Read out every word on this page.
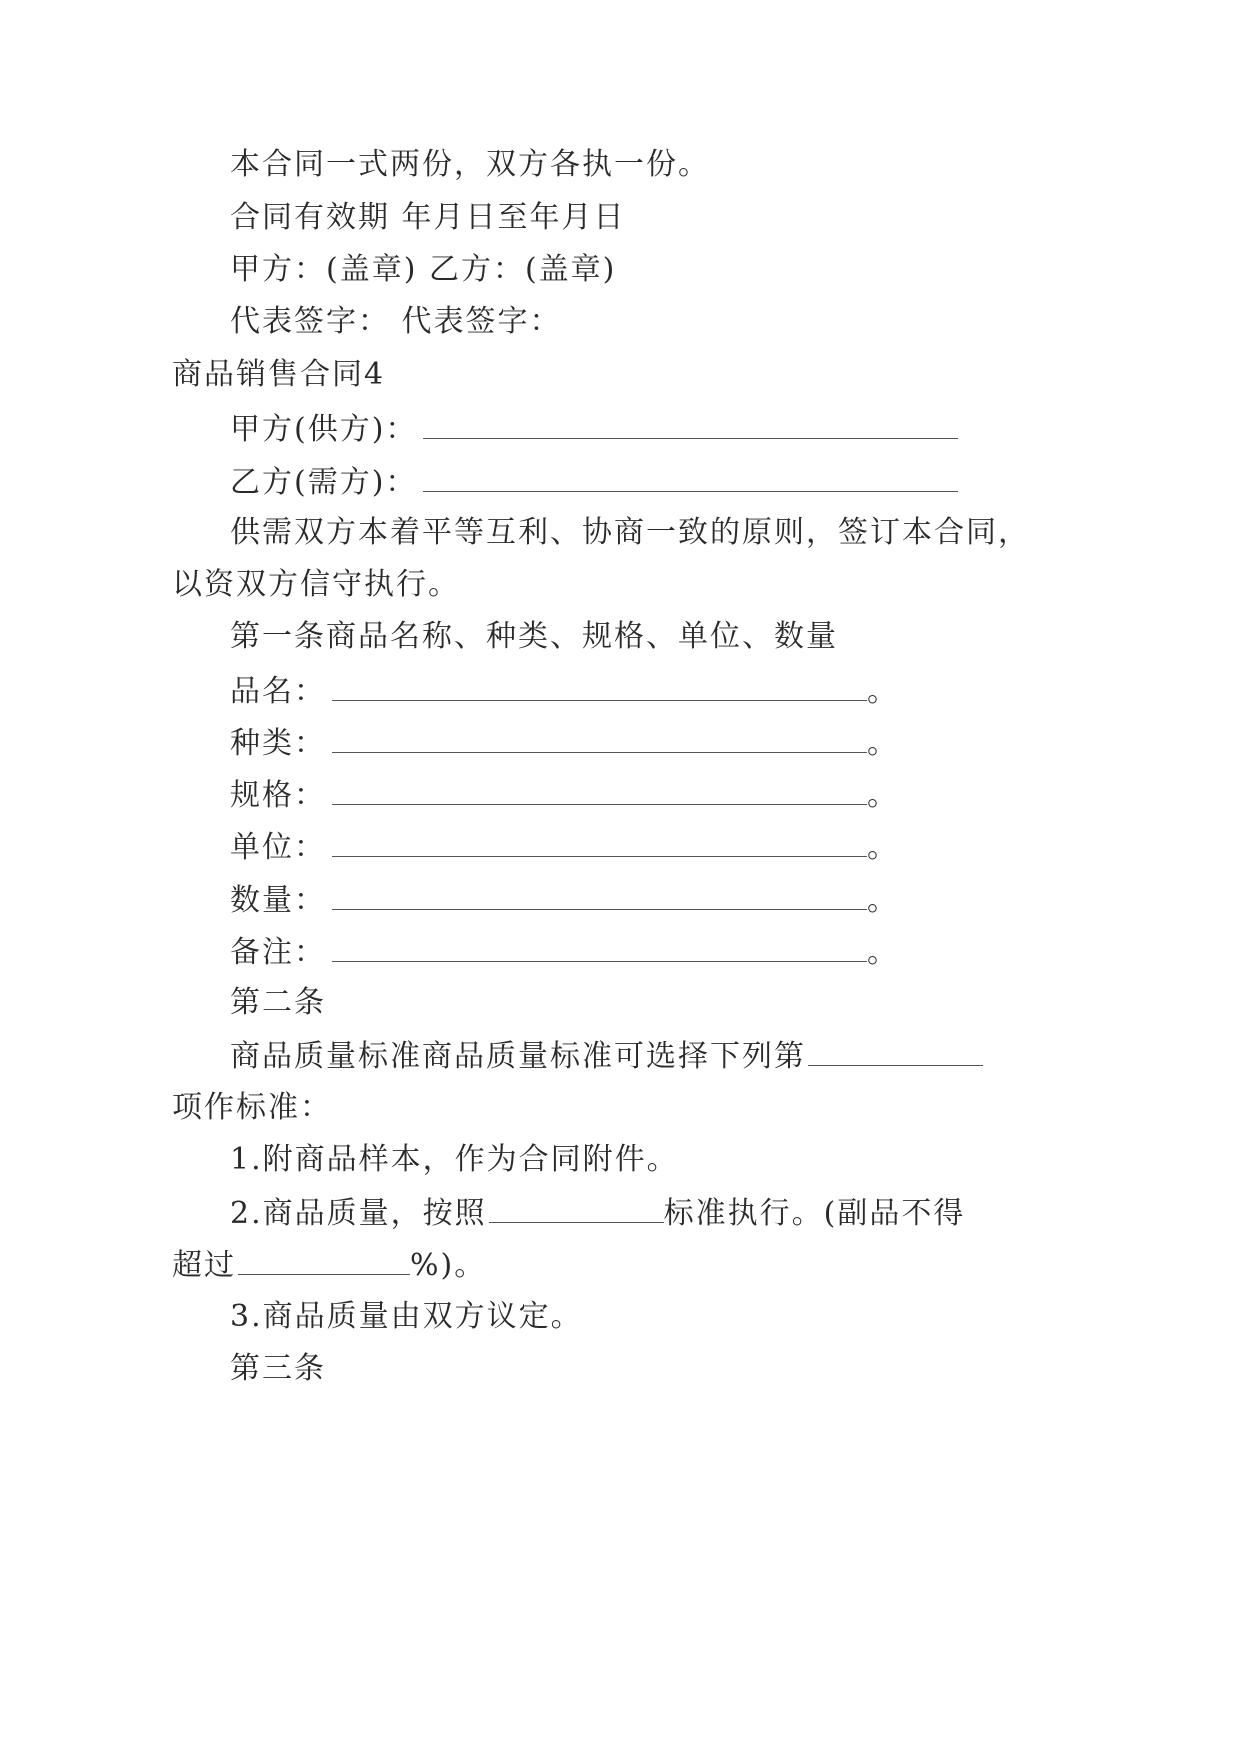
本合同一式两份，双方各执一份。
合同有效期 年月日至年月日
甲方：(盖章) 乙方：(盖章)
代表签字： 代表签字：
商品销售合同4
甲方(供方)：
乙方(需方)：
供需双方本着平等互利、协商一致的原则，签订本合同，
以资双方信守执行。
第一条商品名称、种类、规格、单位、数量
品名：	。
种类：	。
规格：	。
单位：	。
数量：	。
备注：	。
第二条
商品质量标准商品质量标准可选择下列第
项作标准：
1.附商品样本，作为合同附件。
2.商品质量，按照	标准执行。(副品不得
超过	%)。
3.商品质量由双方议定。
第三条
